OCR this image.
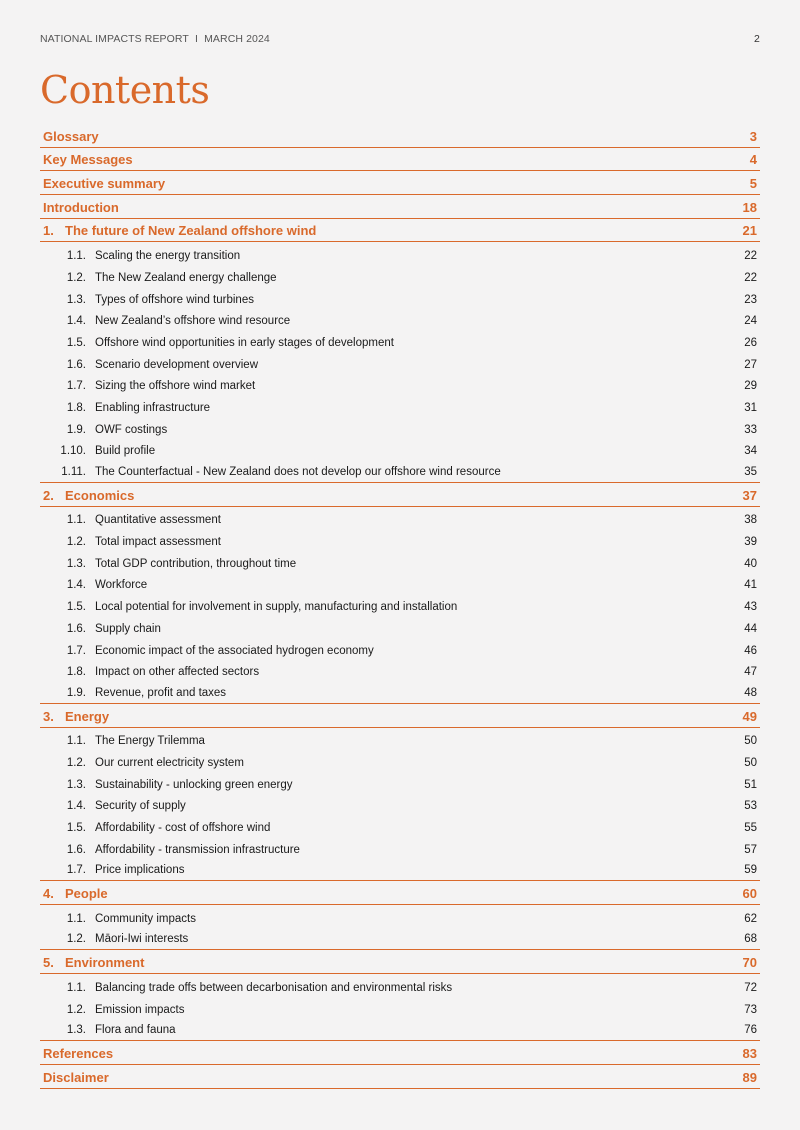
NATIONAL IMPACTS REPORT I MARCH 2024	2
Contents
Glossary	3
Key Messages	4
Executive summary	5
Introduction	18
1. The future of New Zealand offshore wind	21
1.1. Scaling the energy transition	22
1.2. The New Zealand energy challenge	22
1.3. Types of offshore wind turbines	23
1.4. New Zealand’s offshore wind resource	24
1.5. Offshore wind opportunities in early stages of development	26
1.6. Scenario development overview	27
1.7. Sizing the offshore wind market	29
1.8. Enabling infrastructure	31
1.9. OWF costings	33
1.10. Build profile	34
1.11. The Counterfactual - New Zealand does not develop our offshore wind resource	35
2. Economics	37
1.1. Quantitative assessment	38
1.2. Total impact assessment	39
1.3. Total GDP contribution, throughout time	40
1.4. Workforce	41
1.5. Local potential for involvement in supply, manufacturing and installation	43
1.6. Supply chain	44
1.7. Economic impact of the associated hydrogen economy	46
1.8. Impact on other affected sectors	47
1.9. Revenue, profit and taxes	48
3. Energy	49
1.1. The Energy Trilemma	50
1.2. Our current electricity system	50
1.3. Sustainability - unlocking green energy	51
1.4. Security of supply	53
1.5. Affordability - cost of offshore wind	55
1.6. Affordability - transmission infrastructure	57
1.7. Price implications	59
4. People	60
1.1. Community impacts	62
1.2. Māori-Iwi interests	68
5. Environment	70
1.1. Balancing trade offs between decarbonisation and environmental risks	72
1.2. Emission impacts	73
1.3. Flora and fauna	76
References	83
Disclaimer	89
